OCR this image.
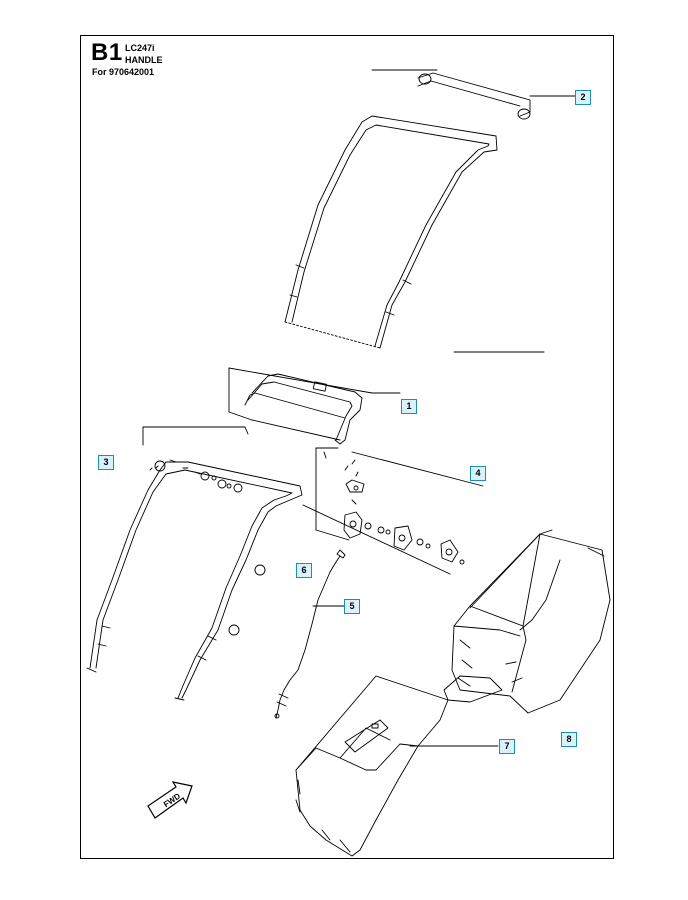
B1 LC247i
HANDLE
For 970642001
FWD
1
2
3
4
5
6
7
8
